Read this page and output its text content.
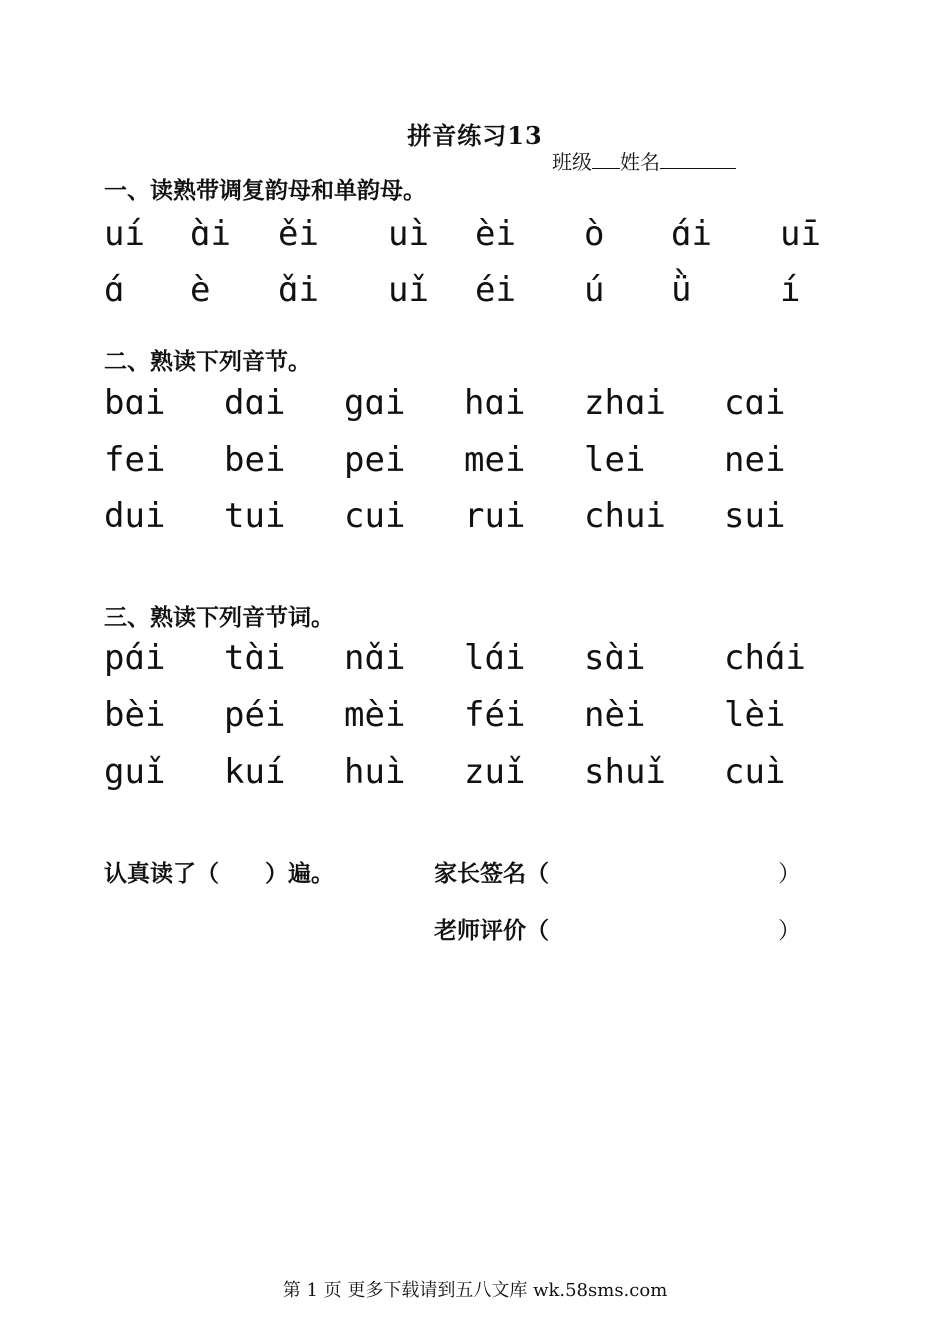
拼音练习13
班级 姓名
一、读熟带调复韵母和单韵母。
uí ɑ̀i ěi uì èi ò ɑ́i uī
ɑ́ è ɑ̌i uǐ éi ú ǜ	í
二、熟读下列音节。
bɑi dɑi gɑi hɑi zhɑi cɑi
fei bei pei mei lei nei
dui tui cui rui chui sui
三、熟读下列音节词。
pɑ́i tɑ̀i nɑ̌i lɑ́i sɑ̀i chɑ́i
bèi péi mèi féi nèi lèi
guǐ kuí huì zuǐ shuǐ cuì
认真读了（　　）遍。	家长签名（	）
老师评价（	）
第 1 页 更多下载请到五八文库 wk.58sms.com
